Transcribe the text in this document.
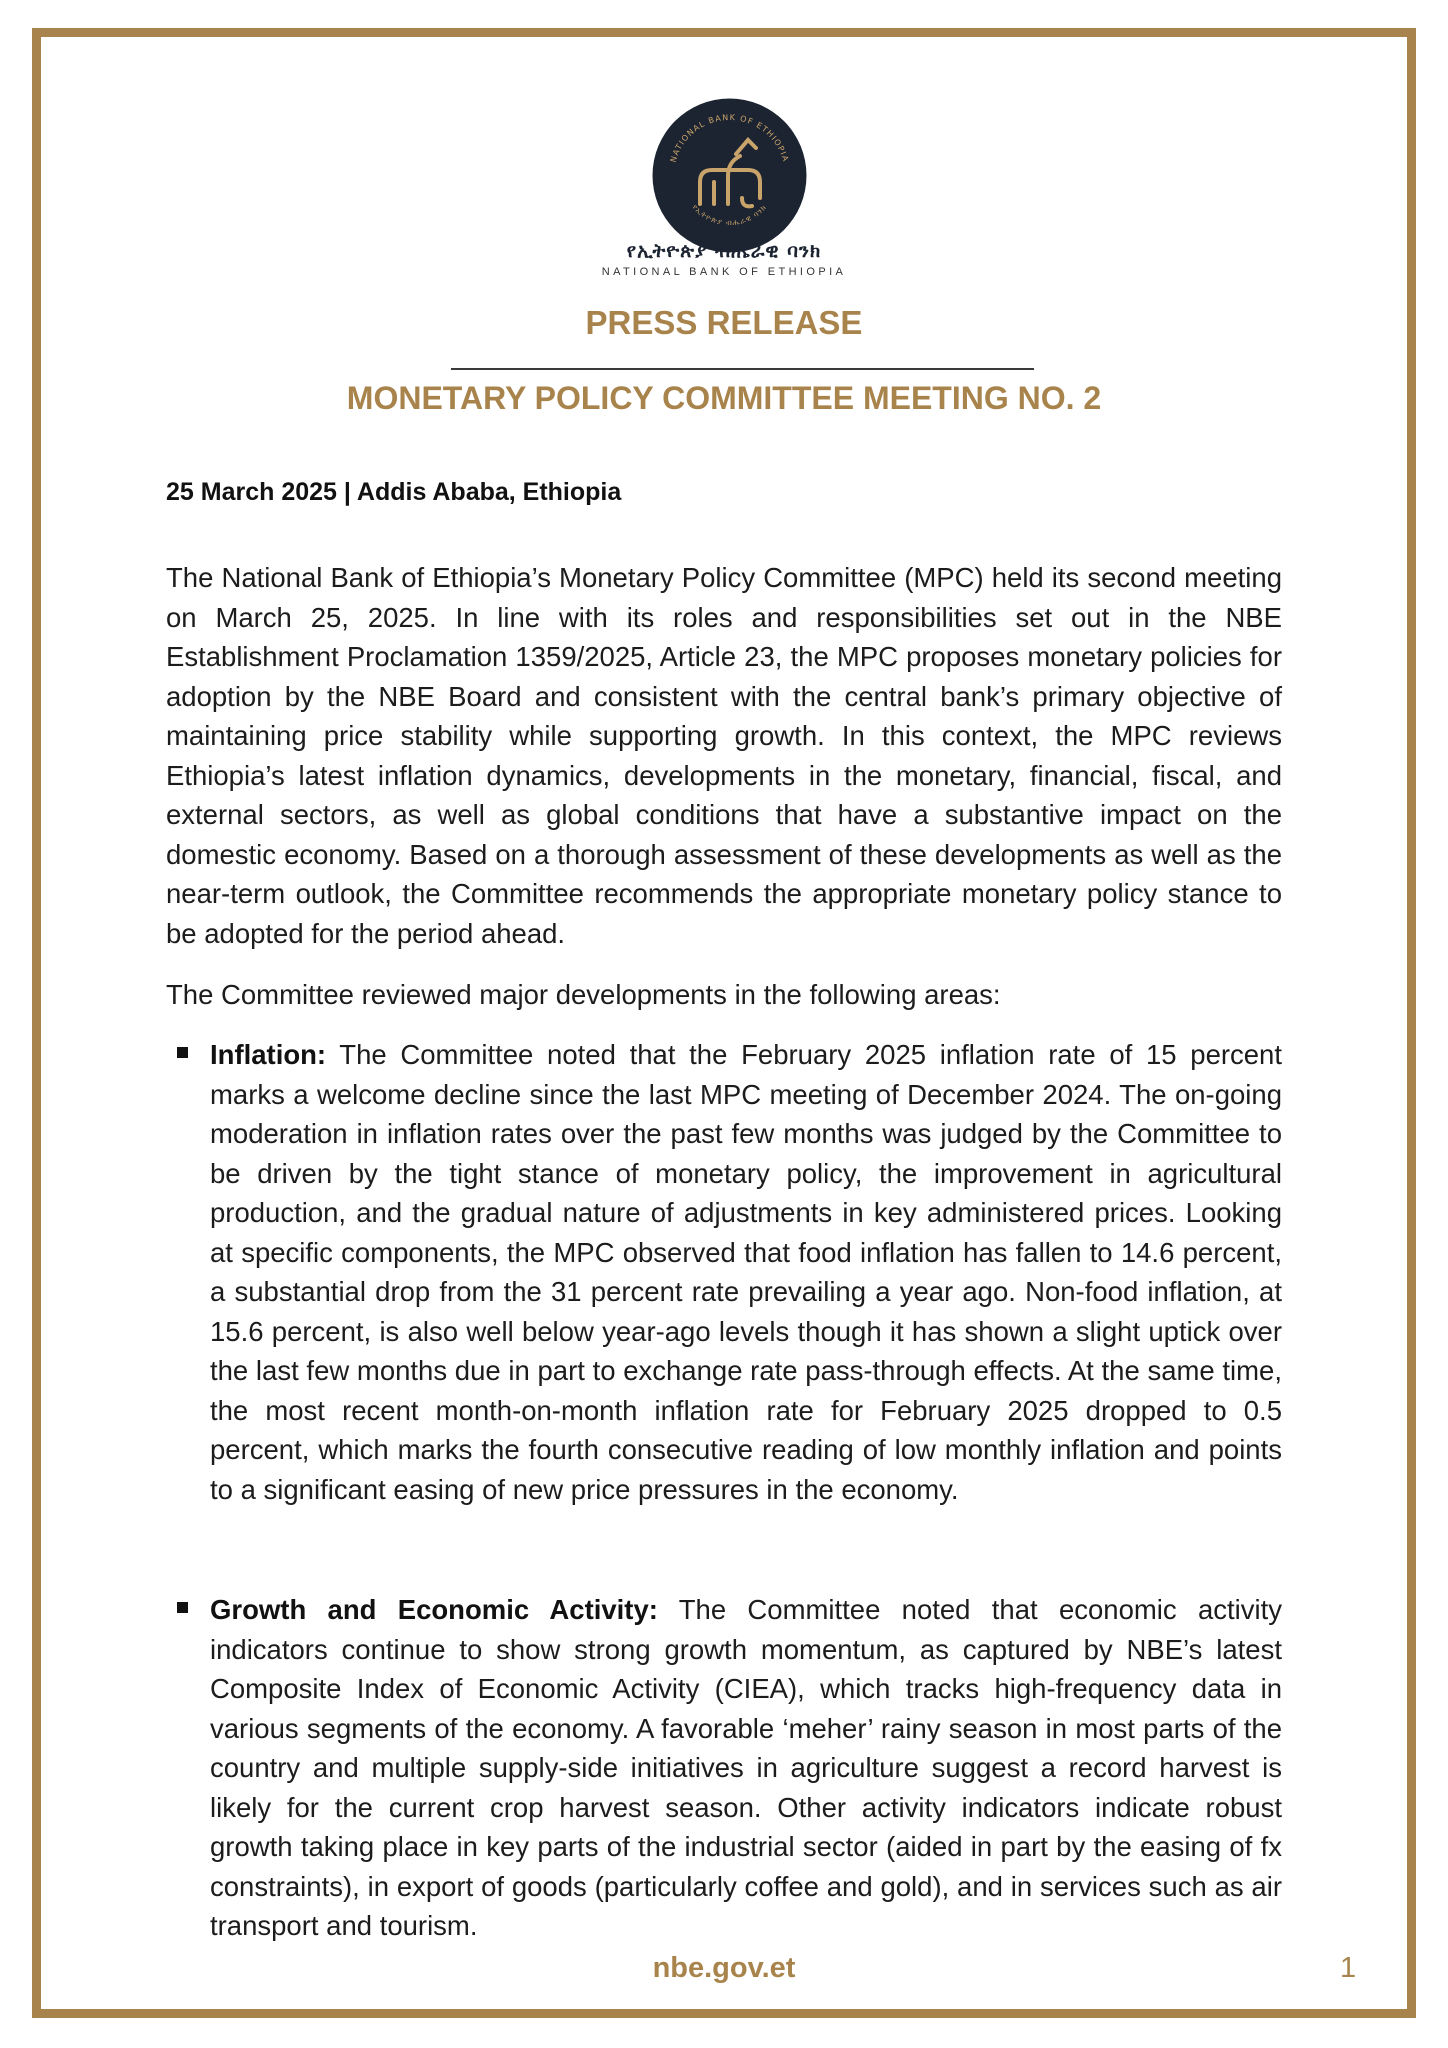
NATIONAL BANK OF ETHIOPIA
የኢትዮጵያ ብሔራዊ ባንክ
የኢትዮጵያ ብሔራዊ ባንክ
NATIONAL BANK OF ETHIOPIA
PRESS RELEASE
MONETARY POLICY COMMITTEE MEETING NO. 2
25 March 2025 | Addis Ababa, Ethiopia

The National Bank of Ethiopia’s Monetary Policy Committee (MPC) held its second meeting on March 25, 2025. In line with its roles and responsibilities set out in the NBE Establishment Proclamation 1359/2025, Article 23, the MPC proposes monetary policies for adoption by the NBE Board and consistent with the central bank’s primary objective of maintaining price stability while supporting growth. In this context, the MPC reviews Ethiopia’s latest inflation dynamics, developments in the monetary, financial, fiscal, and external sectors, as well as global conditions that have a substantive impact on the domestic economy. Based on a thorough assessment of these developments as well as the near-term outlook, the Committee recommends the appropriate monetary policy stance to be adopted for the period ahead.

The Committee reviewed major developments in the following areas:

Inflation: The Committee noted that the February 2025 inflation rate of 15 percent marks a welcome decline since the last MPC meeting of December 2024. The on-going moderation in inflation rates over the past few months was judged by the Committee to be driven by the tight stance of monetary policy, the improvement in agricultural production, and the gradual nature of adjustments in key administered prices. Looking at specific components, the MPC observed that food inflation has fallen to 14.6 percent, a substantial drop from the 31 percent rate prevailing a year ago. Non-food inflation, at 15.6 percent, is also well below year-ago levels though it has shown a slight uptick over the last few months due in part to exchange rate pass-through effects. At the same time, the most recent month-on-month inflation rate for February 2025 dropped to 0.5 percent, which marks the fourth consecutive reading of low monthly inflation and points to a significant easing of new price pressures in the economy.

Growth and Economic Activity: The Committee noted that economic activity indicators continue to show strong growth momentum, as captured by NBE’s latest Composite Index of Economic Activity (CIEA), which tracks high-frequency data in various segments of the economy. A favorable ‘meher’ rainy season in most parts of the country and multiple supply-side initiatives in agriculture suggest a record harvest is likely for the current crop harvest season. Other activity indicators indicate robust growth taking place in key parts of the industrial sector (aided in part by the easing of fx constraints), in export of goods (particularly coffee and gold), and in services such as air transport and tourism.

nbe.gov.et	1
